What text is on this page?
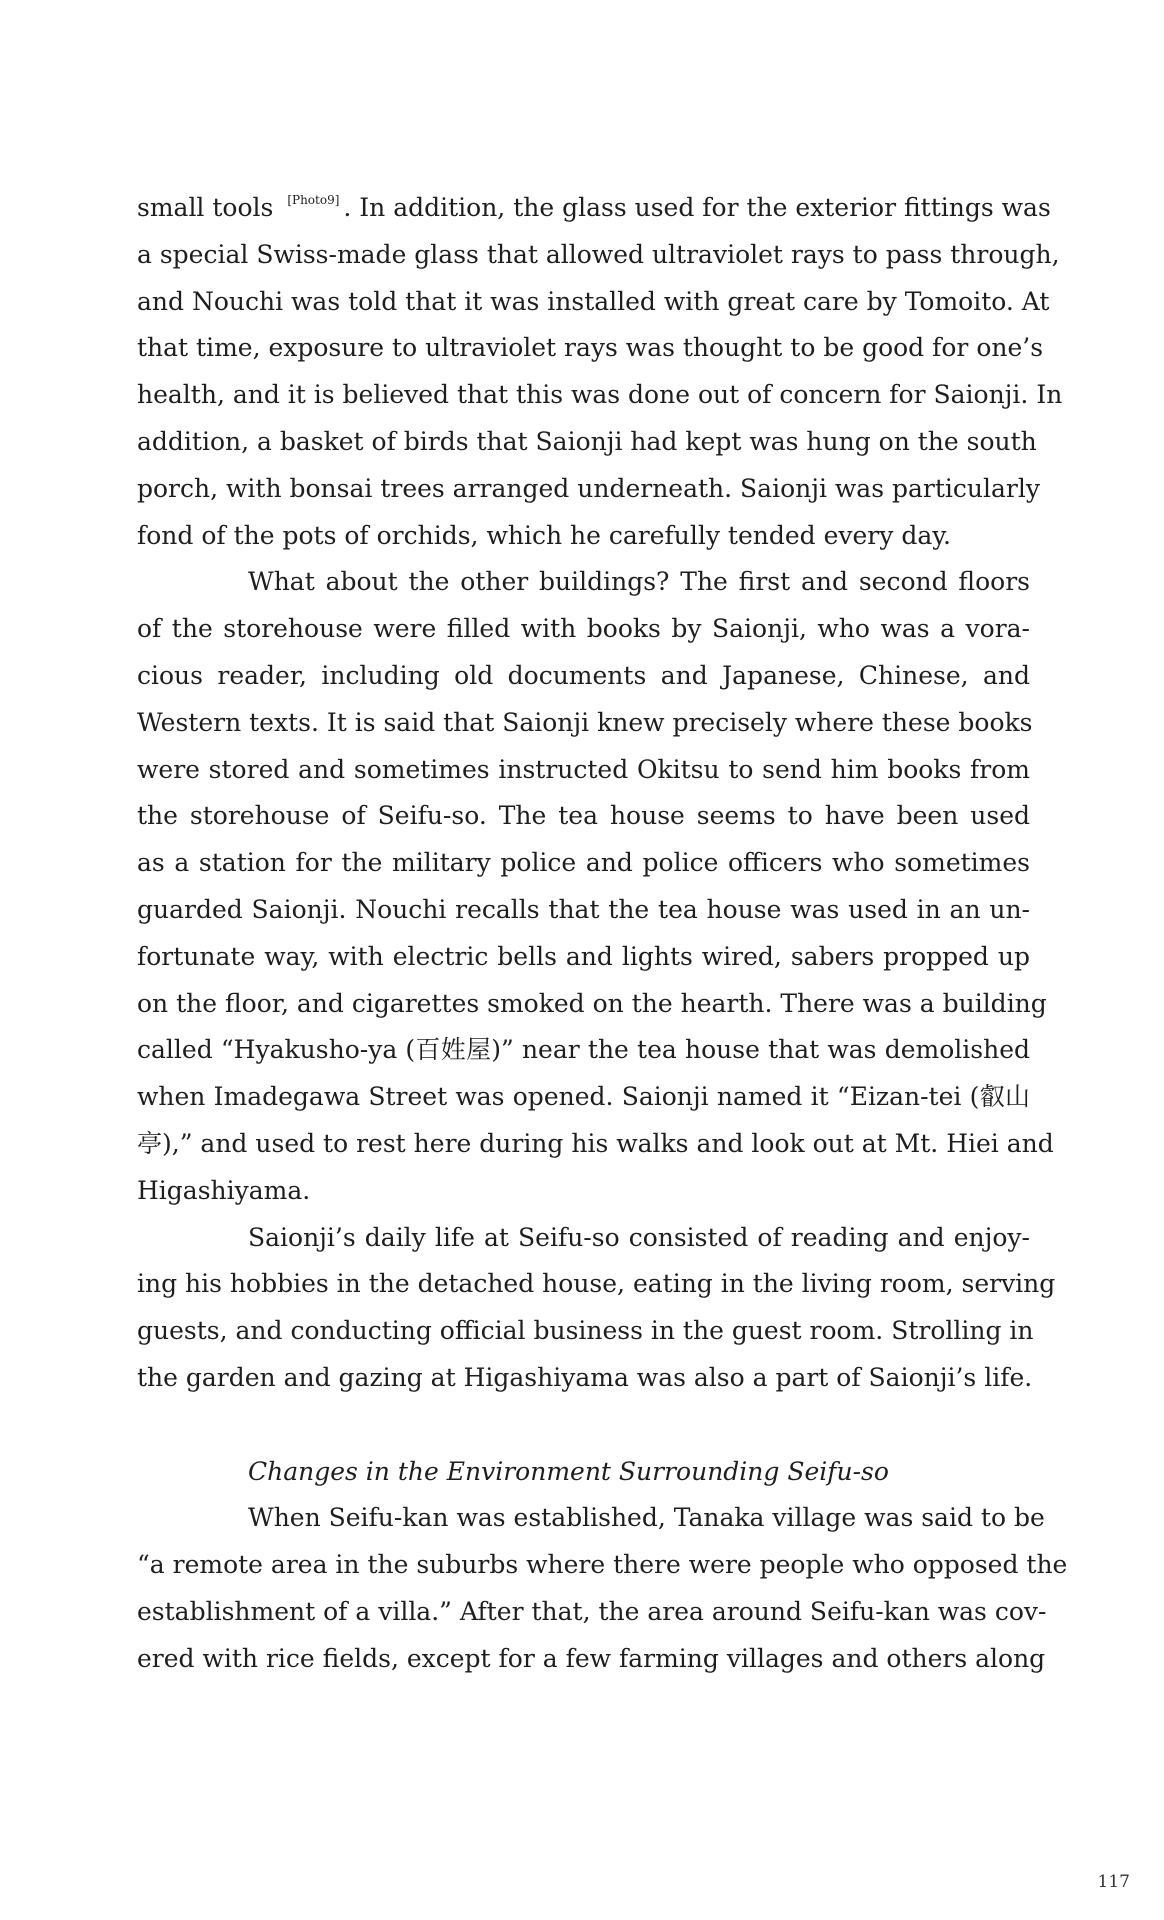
small tools [Photo9] . In addition, the glass used for the exterior fittings was
a special Swiss-made glass that allowed ultraviolet rays to pass through,
and Nouchi was told that it was installed with great care by Tomoito. At
that time, exposure to ultraviolet rays was thought to be good for one’s
health, and it is believed that this was done out of concern for Saionji. In
addition, a basket of birds that Saionji had kept was hung on the south
porch, with bonsai trees arranged underneath. Saionji was particularly
fond of the pots of orchids, which he carefully tended every day.
What about the other buildings? The first and second floors
of the storehouse were filled with books by Saionji, who was a vora-
cious reader, including old documents and Japanese, Chinese, and
Western texts. It is said that Saionji knew precisely where these books
were stored and sometimes instructed Okitsu to send him books from
the storehouse of Seifu-so. The tea house seems to have been used
as a station for the military police and police officers who sometimes
guarded Saionji. Nouchi recalls that the tea house was used in an un-
fortunate way, with electric bells and lights wired, sabers propped up
on the floor, and cigarettes smoked on the hearth. There was a building
called “Hyakusho-ya (百姓屋)” near the tea house that was demolished
when Imadegawa Street was opened. Saionji named it “Eizan-tei (叡山
亭),” and used to rest here during his walks and look out at Mt. Hiei and
Higashiyama.
Saionji’s daily life at Seifu-so consisted of reading and enjoy-
ing his hobbies in the detached house, eating in the living room, serving
guests, and conducting official business in the guest room. Strolling in
the garden and gazing at Higashiyama was also a part of Saionji’s life.
Changes in the Environment Surrounding Seifu-so
When Seifu-kan was established, Tanaka village was said to be
“a remote area in the suburbs where there were people who opposed the
establishment of a villa.” After that, the area around Seifu-kan was cov-
ered with rice fields, except for a few farming villages and others along
117
